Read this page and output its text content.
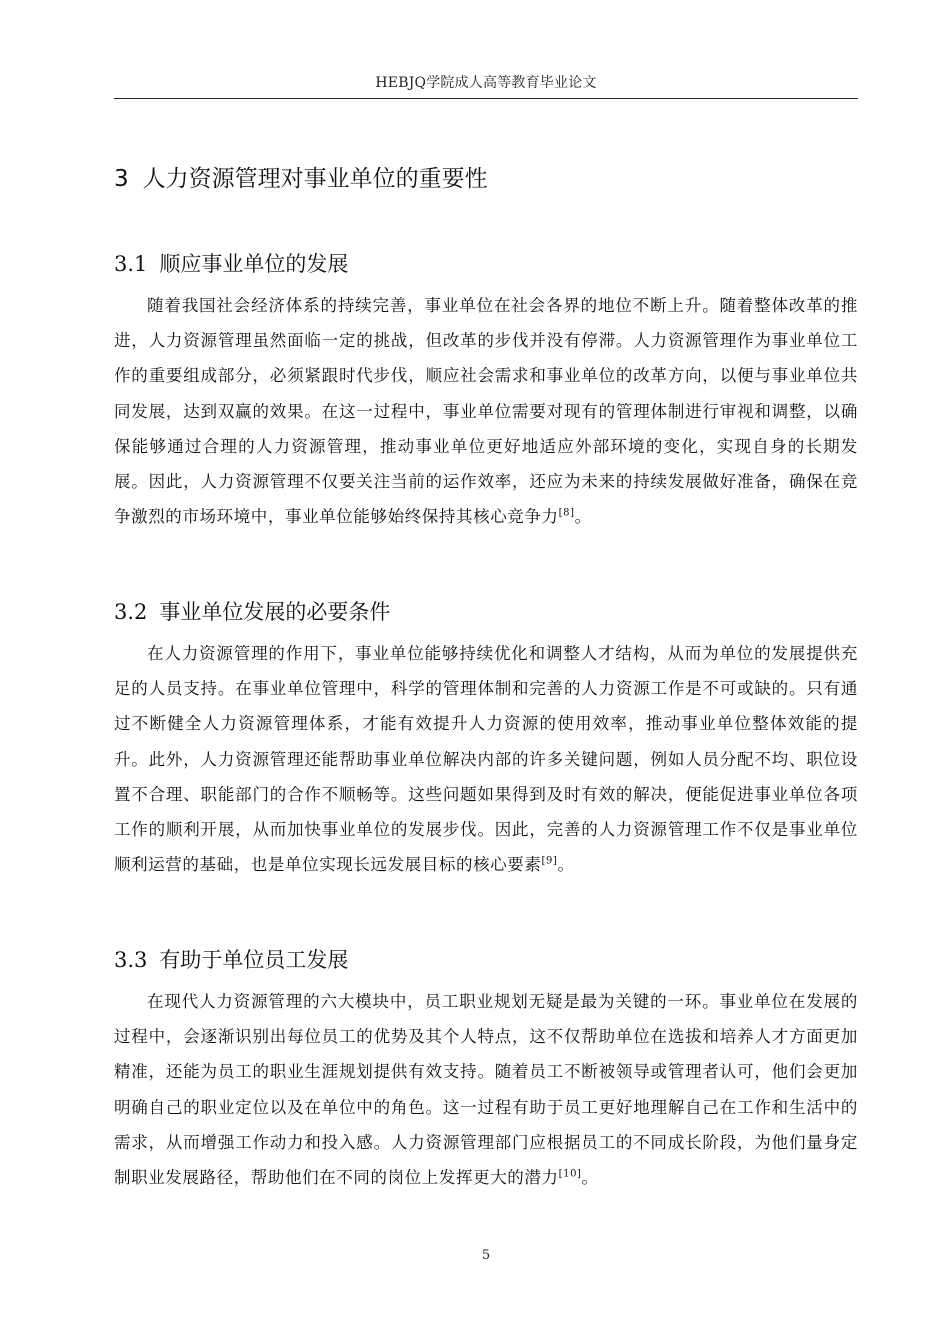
HEBJQ学院成人高等教育毕业论文
3 人力资源管理对事业单位的重要性
3.1 顺应事业单位的发展

随着我国社会经济体系的持续完善，事业单位在社会各界的地位不断上升。随着整体改革的推进，人力资源管理虽然面临一定的挑战，但改革的步伐并没有停滞。人力资源管理作为事业单位工作的重要组成部分，必须紧跟时代步伐，顺应社会需求和事业单位的改革方向，以便与事业单位共同发展，达到双赢的效果。在这一过程中，事业单位需要对现有的管理体制进行审视和调整，以确保能够通过合理的人力资源管理，推动事业单位更好地适应外部环境的变化，实现自身的长期发展。因此，人力资源管理不仅要关注当前的运作效率，还应为未来的持续发展做好准备，确保在竞争激烈的市场环境中，事业单位能够始终保持其核心竞争力[8]。

3.2 事业单位发展的必要条件

在人力资源管理的作用下，事业单位能够持续优化和调整人才结构，从而为单位的发展提供充足的人员支持。在事业单位管理中，科学的管理体制和完善的人力资源工作是不可或缺的。只有通过不断健全人力资源管理体系，才能有效提升人力资源的使用效率，推动事业单位整体效能的提升。此外，人力资源管理还能帮助事业单位解决内部的许多关键问题，例如人员分配不均、职位设置不合理、职能部门的合作不顺畅等。这些问题如果得到及时有效的解决，便能促进事业单位各项工作的顺利开展，从而加快事业单位的发展步伐。因此，完善的人力资源管理工作不仅是事业单位顺利运营的基础，也是单位实现长远发展目标的核心要素[9]。

3.3 有助于单位员工发展

在现代人力资源管理的六大模块中，员工职业规划无疑是最为关键的一环。事业单位在发展的过程中，会逐渐识别出每位员工的优势及其个人特点，这不仅帮助单位在选拔和培养人才方面更加精准，还能为员工的职业生涯规划提供有效支持。随着员工不断被领导或管理者认可，他们会更加明确自己的职业定位以及在单位中的角色。这一过程有助于员工更好地理解自己在工作和生活中的需求，从而增强工作动力和投入感。人力资源管理部门应根据员工的不同成长阶段，为他们量身定制职业发展路径，帮助他们在不同的岗位上发挥更大的潜力[10]。

5
